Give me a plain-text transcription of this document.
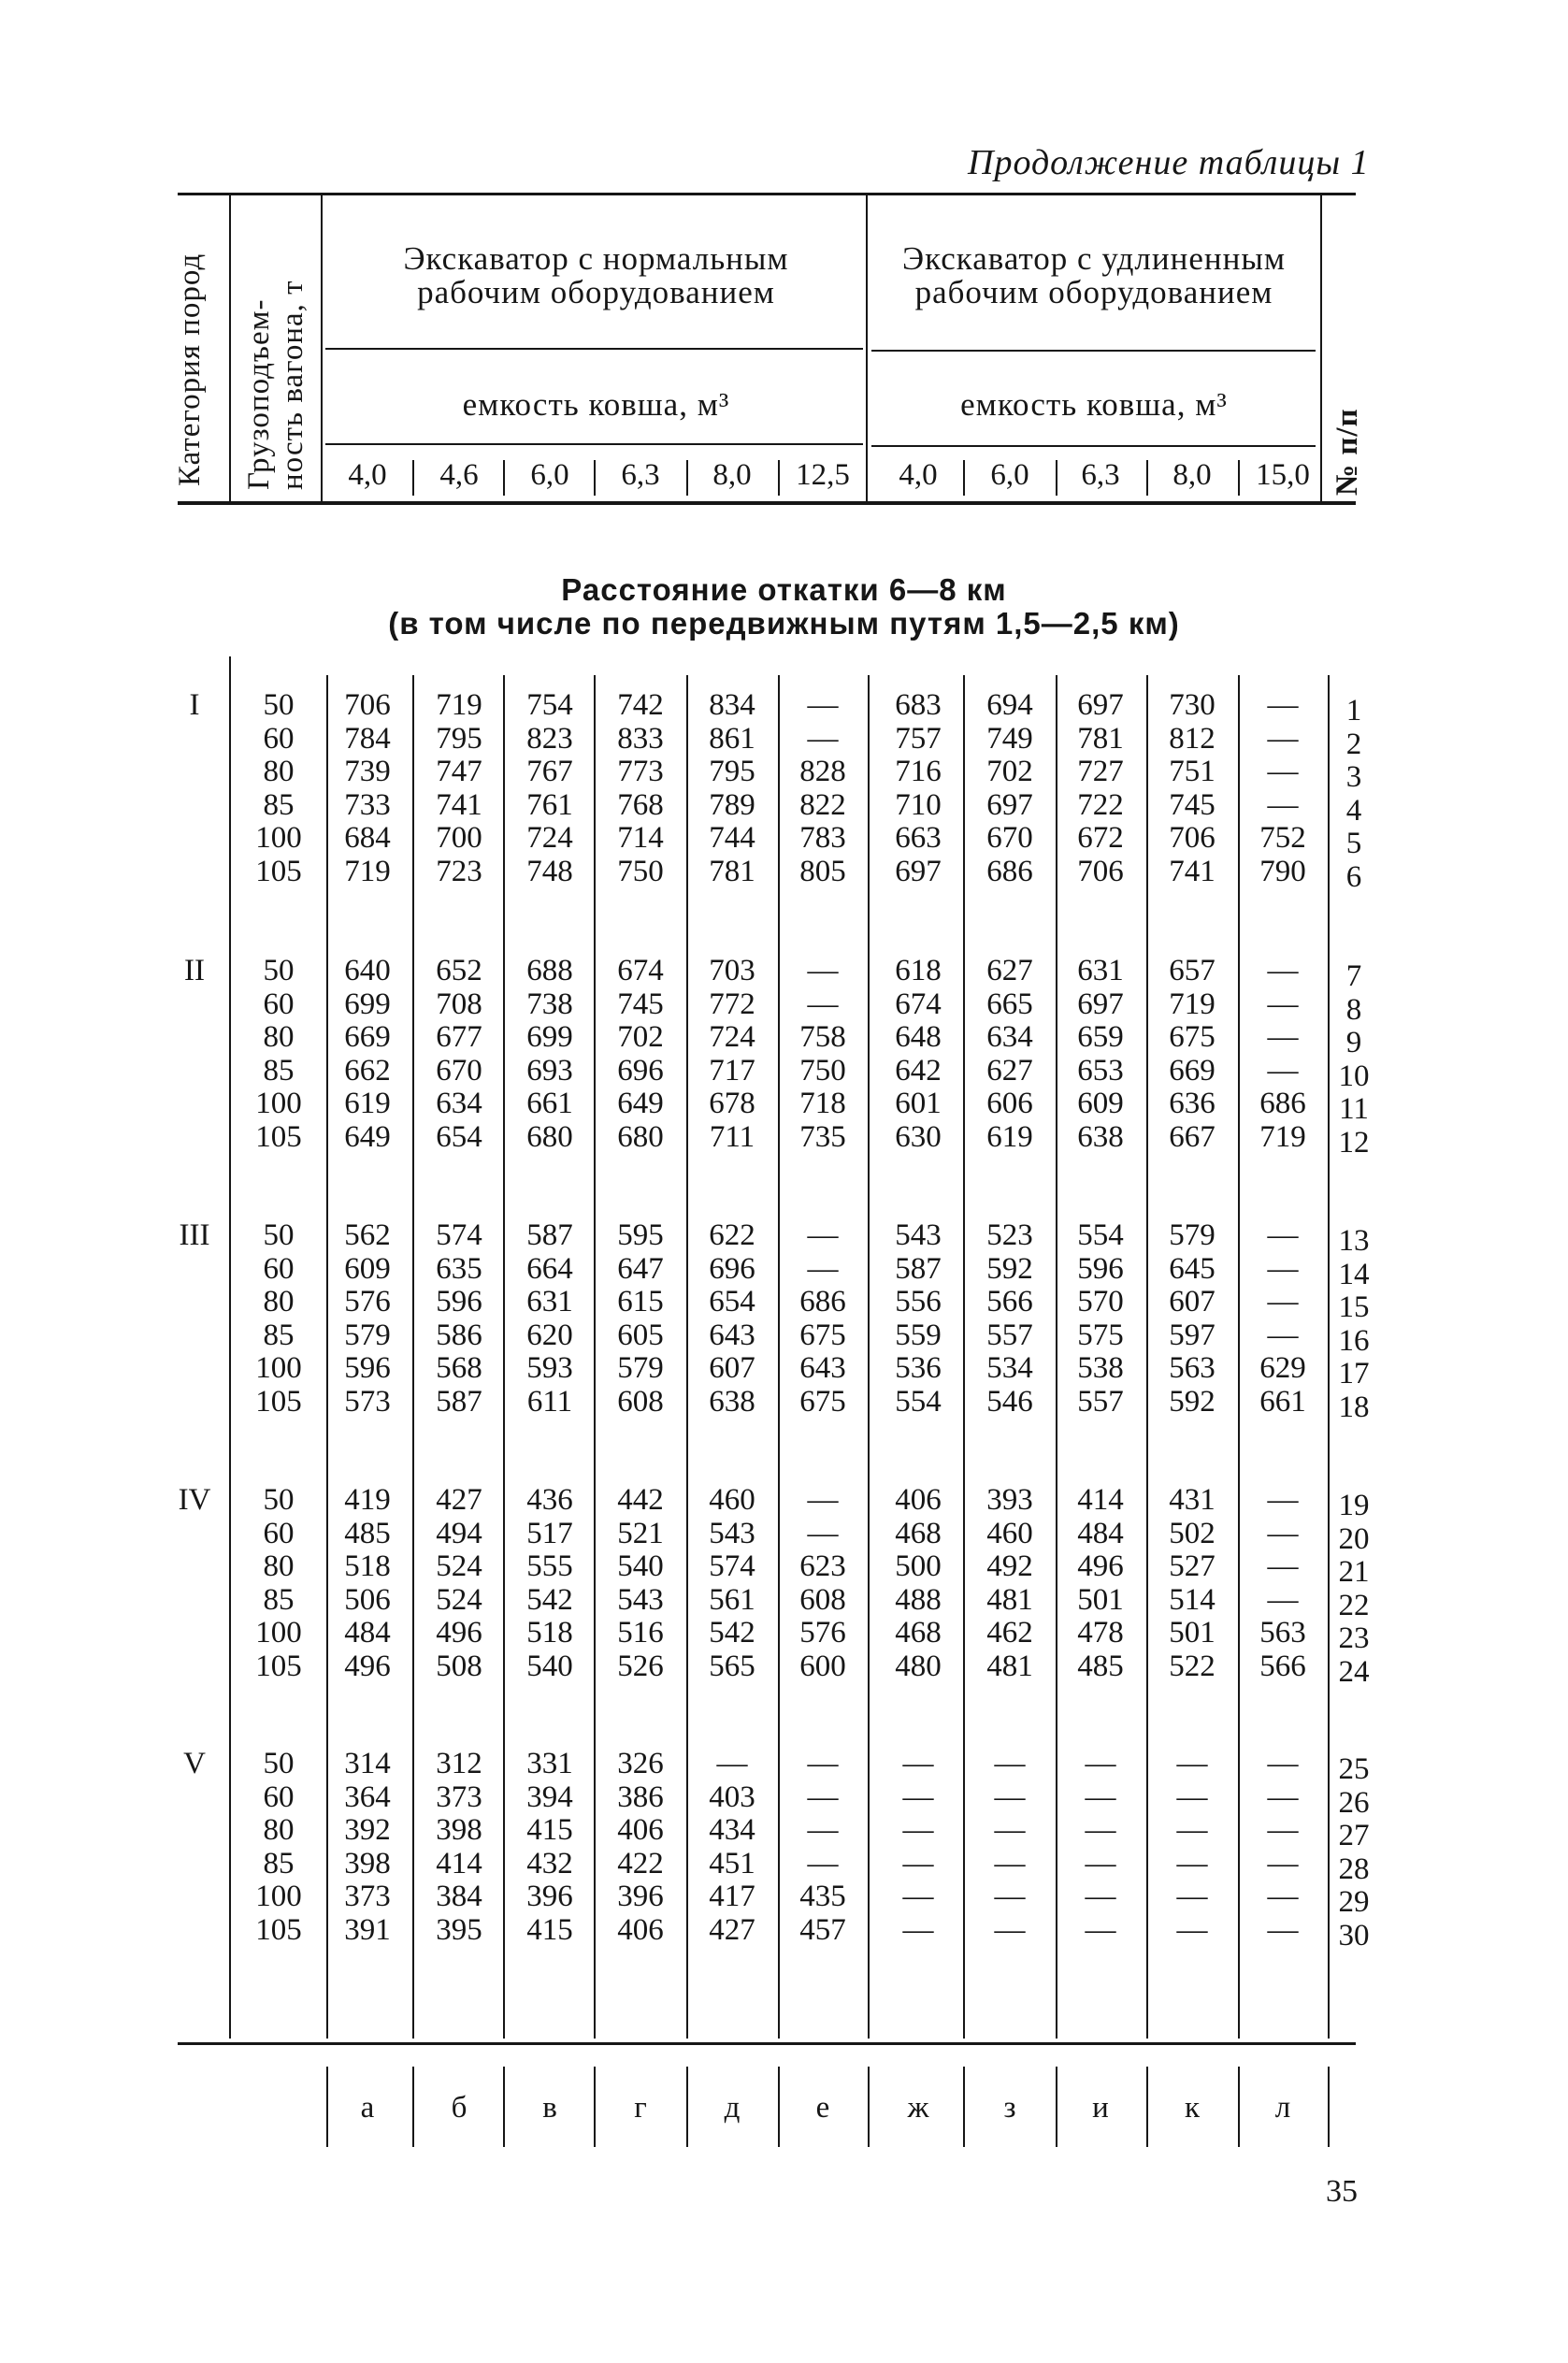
Продолжение таблицы 1
Категория пород Грузоподъем- ность вагона, т	№ п/п
Экскаватор с нормальным
рабочим оборудованием
Экскаватор с удлиненным
рабочим оборудованием
емкость ковша, м³	емкость ковша, м³
4,0	4,6	6,0	6,3	8,0	12,5	4,0	6,0	6,3	8,0	15,0
Расстояние откатки 6—8 км
(в том числе по передвижным путям 1,5—2,5 км)
I	50	706	719	754	742	834	—	683	694	697	730	—	1
60	784	795	823	833	861	—	757	749	781	812	—	2
80	739	747	767	773	795	828	716	702	727	751	—	3
85	733	741	761	768	789	822	710	697	722	745	—	4
100	684	700	724	714	744	783	663	670	672	706	752	5
105	719	723	748	750	781	805	697	686	706	741	790	6
II	50	640	652	688	674	703	—	618	627	631	657	—	7
60	699	708	738	745	772	—	674	665	697	719	—	8
80	669	677	699	702	724	758	648	634	659	675	—	9
85	662	670	693	696	717	750	642	627	653	669	—	10
100	619	634	661	649	678	718	601	606	609	636	686	11
105	649	654	680	680	711	735	630	619	638	667	719	12
III	50	562	574	587	595	622	—	543	523	554	579	—	13
60	609	635	664	647	696	—	587	592	596	645	—	14
80	576	596	631	615	654	686	556	566	570	607	—	15
85	579	586	620	605	643	675	559	557	575	597	—	16
100	596	568	593	579	607	643	536	534	538	563	629	17
105	573	587	611	608	638	675	554	546	557	592	661	18
IV	50	419	427	436	442	460	—	406	393	414	431	—	19
60	485	494	517	521	543	—	468	460	484	502	—	20
80	518	524	555	540	574	623	500	492	496	527	—	21
85	506	524	542	543	561	608	488	481	501	514	—	22
100	484	496	518	516	542	576	468	462	478	501	563	23
105	496	508	540	526	565	600	480	481	485	522	566	24
V	50	314	312	331	326	—	—	—	—	—	—	—	25
60	364	373	394	386	403	—	—	—	—	—	—	26
80	392	398	415	406	434	—	—	—	—	—	—	27
85	398	414	432	422	451	—	—	—	—	—	—	28
100	373	384	396	396	417	435	—	—	—	—	—	29
105	391	395	415	406	427	457	—	—	—	—	—	30
а	б	в	г	д	е	ж	з	и	к	л
35
